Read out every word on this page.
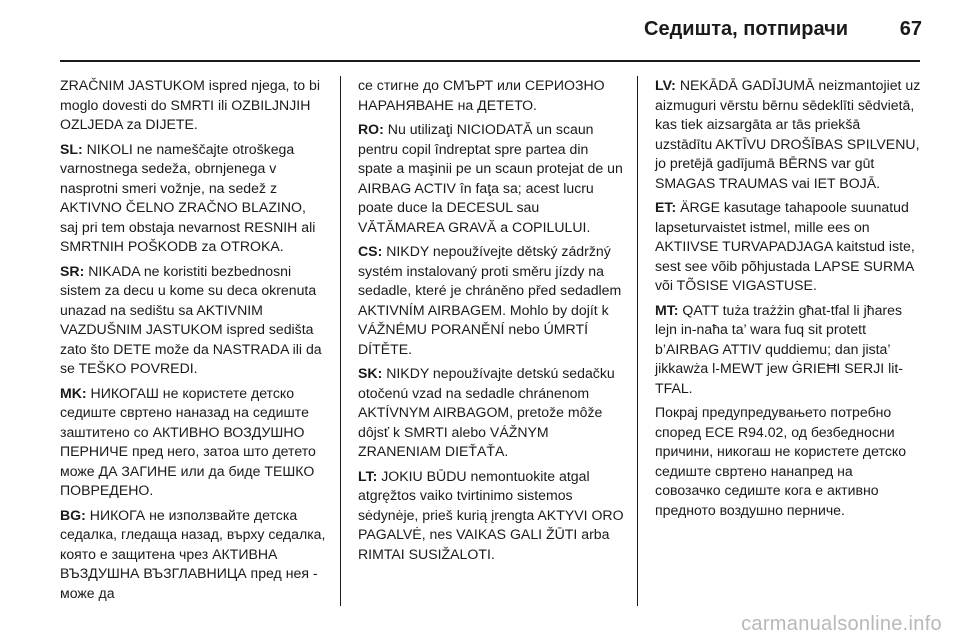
Седишта, потпирачи	67

ZRAČNIM JASTUKOM ispred njega, to bi moglo dovesti do SMRTI ili OZBILJNJIH OZLJEDA za DIJETE.

SL: NIKOLI ne nameščajte otroškega varnostnega sedeža, obrnjenega v nasprotni smeri vožnje, na sedež z AKTIVNO ČELNO ZRAČNO BLAZINO, saj pri tem obstaja nevarnost RESNIH ali SMRTNIH POŠKODB za OTROKA.

SR: NIKADA ne koristiti bezbednosni sistem za decu u kome su deca okrenuta unazad na sedištu sa AKTIVNIM VAZDUŠNIM JASTUKOM ispred sedišta zato što DETE može da NASTRADA ili da se TEŠKO POVREDI.

MK: НИКОГАШ не користете детско седиште свртено наназад на седиште заштитено со АКТИВНО ВОЗДУШНО ПЕРНИЧЕ пред него, затоа што детето може ДА ЗАГИНЕ или да биде ТЕШКО ПОВРЕДЕНО.

BG: НИКОГА не използвайте детска седалка, гледаща назад, върху седалка, която е защитена чрез АКТИВНА ВЪЗДУШНА ВЪЗГЛАВНИЦА пред нея - може да

се стигне до СМЪРТ или СЕРИОЗНО НАРАНЯВАНЕ на ДЕТЕТО.

RO: Nu utilizaţi NICIODATĂ un scaun pentru copil îndreptat spre partea din spate a maşinii pe un scaun protejat de un AIRBAG ACTIV în faţa sa; acest lucru poate duce la DECESUL sau VĂTĂMAREA GRAVĂ a COPILULUI.

CS: NIKDY nepoužívejte dětský zádržný systém instalovaný proti směru jízdy na sedadle, které je chráněno před sedadlem AKTIVNÍM AIRBAGEM. Mohlo by dojít k VÁŽNÉMU PORANĚNÍ nebo ÚMRTÍ DÍTĚTE.

SK: NIKDY nepoužívajte detskú sedačku otočenú vzad na sedadle chránenom AKTÍVNYM AIRBAGOM, pretože môže dôjsť k SMRTI alebo VÁŽNYM ZRANENIAM DIEŤAŤA.

LT: JOKIU BŪDU nemontuokite atgal atgręžtos vaiko tvirtinimo sistemos sėdynėje, prieš kurią įrengta AKTYVI ORO PAGALVĖ, nes VAIKAS GALI ŽŪTI arba RIMTAI SUSIŽALOTI.

LV: NEKĀDĀ GADĪJUMĀ neizmantojiet uz aizmuguri vērstu bērnu sēdeklīti sēdvietā, kas tiek aizsargāta ar tās priekšā uzstādītu AKTĪVU DROŠĪBAS SPILVENU, jo pretējā gadījumā BĒRNS var gūt SMAGAS TRAUMAS vai IET BOJĀ.

ET: ÄRGE kasutage tahapoole suunatud lapseturvaistet istmel, mille ees on AKTIIVSE TURVAPADJAGA kaitstud iste, sest see võib põhjustada LAPSE SURMA või TÕSISE VIGASTUSE.

MT: QATT tuża trażżin għat-tfal li jħares lejn in-naħa ta’ wara fuq sit protett b’AIRBAG ATTIV quddiemu; dan jista’ jikkawża l-MEWT jew ĠRIEĦI SERJI lit-TFAL.

Покрај предупредувањето потребно според ECE R94.02, од безбедносни причини, никогаш не користете детско седиште свртено нанапред на совозачко седиште кога е активно предното воздушно перниче.

carmanualsonline.info
